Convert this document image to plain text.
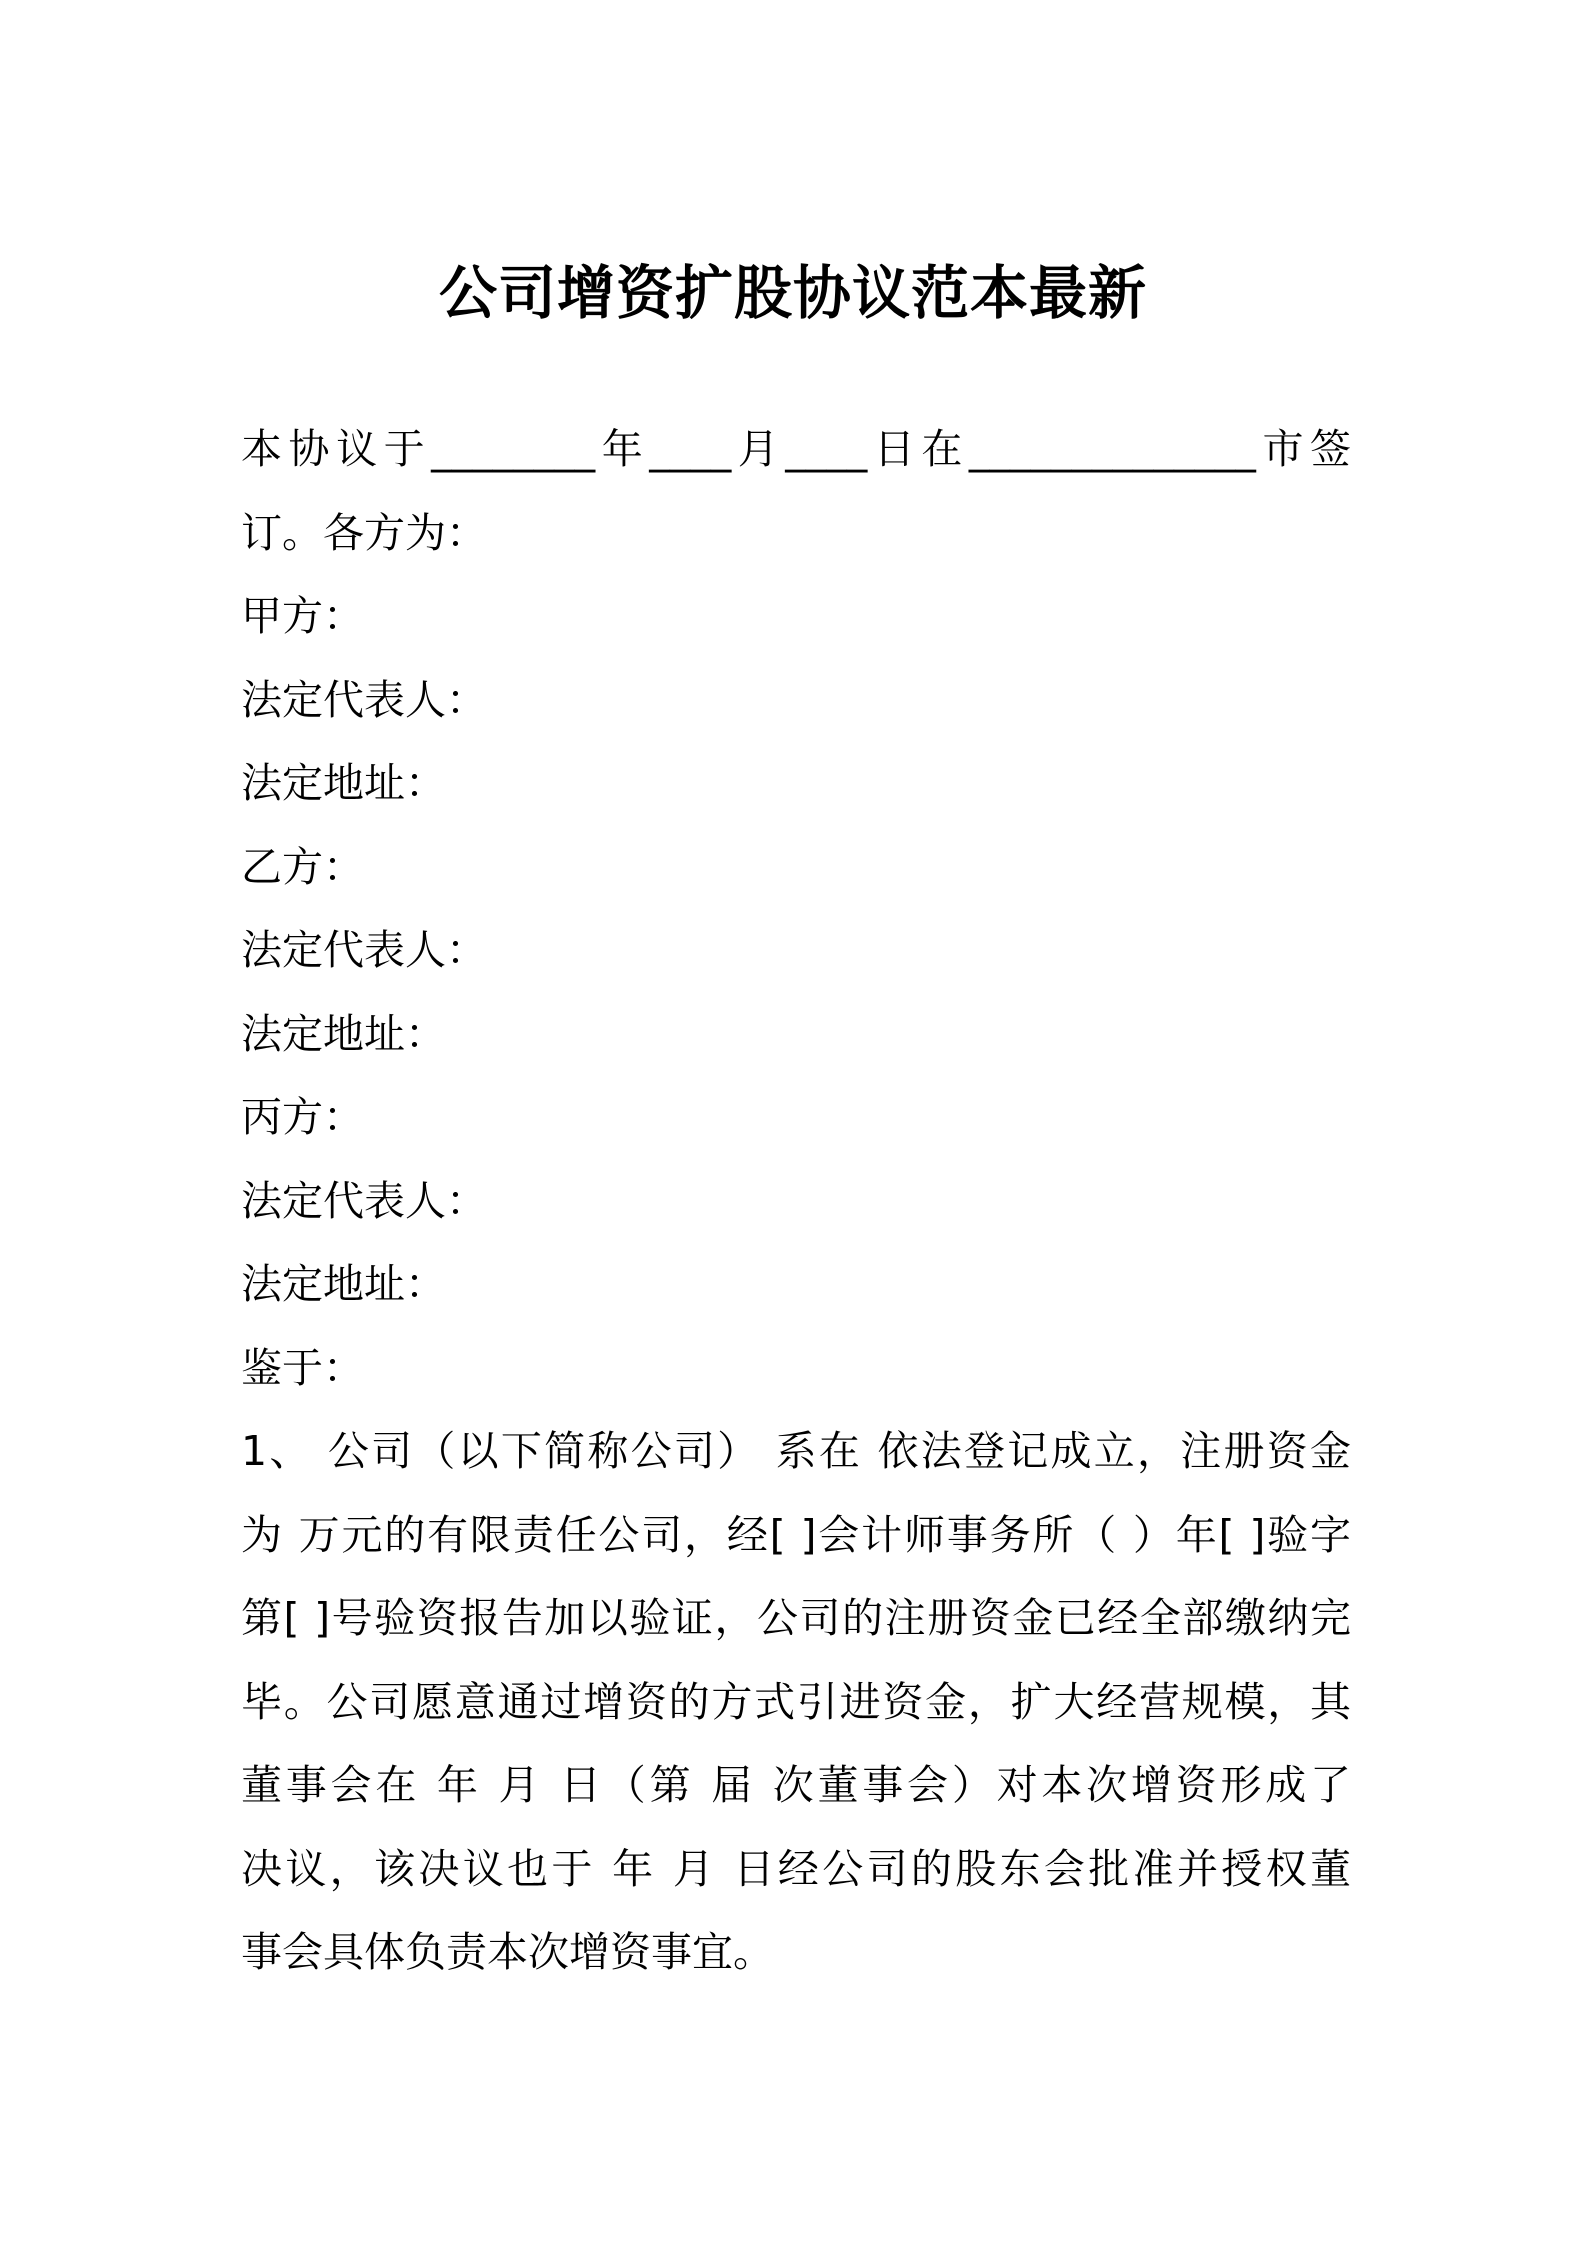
公司增资扩股协议范本最新
本协议于________年____月____日在______________市签
订。各方为：
甲方：
法定代表人：
法定地址：
乙方：
法定代表人：
法定地址：
丙方：
法定代表人：
法定地址：
鉴于：
1、 公司（以下简称公司） 系在 依法登记成立，注册资金
为 万元的有限责任公司，经[ ]会计师事务所（ ）年[ ]验字
第[ ]号验资报告加以验证，公司的注册资金已经全部缴纳完
毕。公司愿意通过增资的方式引进资金，扩大经营规模，其
董事会在 年 月 日（第 届 次董事会）对本次增资形成了
决议，该决议也于 年 月 日经公司的股东会批准并授权董
事会具体负责本次增资事宜。
